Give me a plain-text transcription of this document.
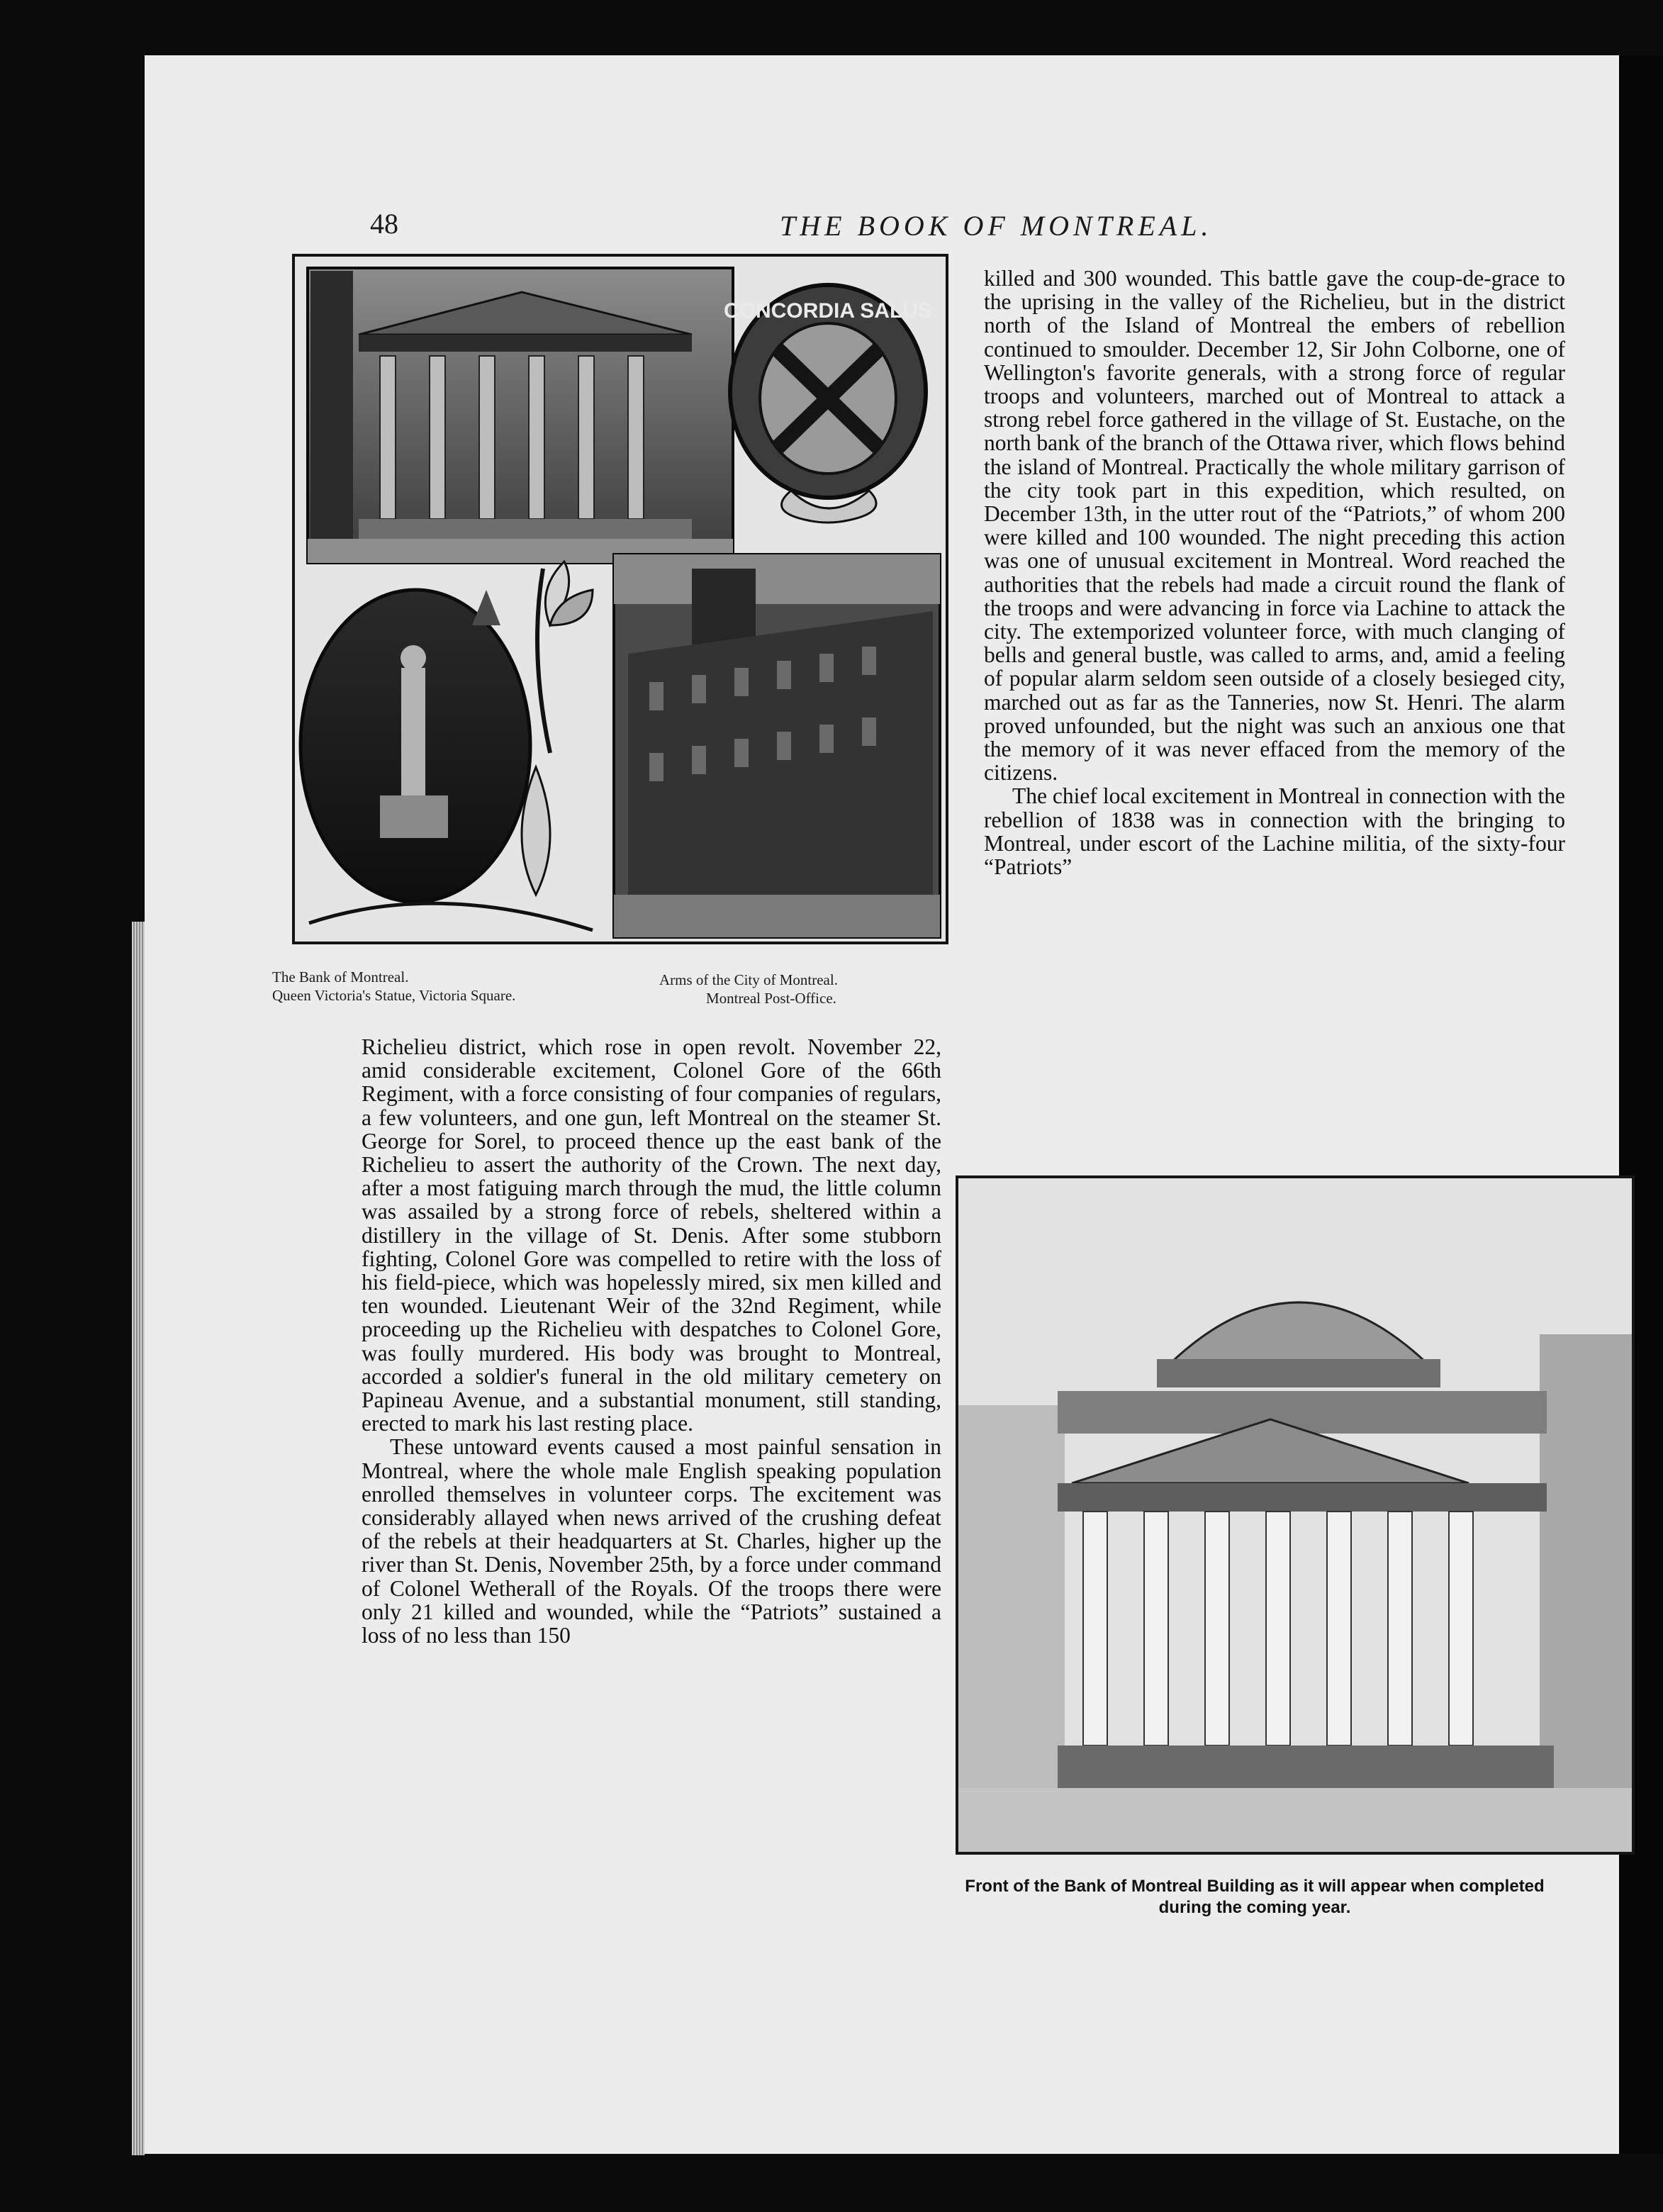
48	THE BOOK OF MONTREAL.
CONCORDIA SALUS
The Bank of Montreal.
Queen Victoria's Statue, Victoria Square.
Arms of the City of Montreal.
Montreal Post-Office.

Richelieu district, which rose in open revolt. November 22, amid considerable excitement, Colonel Gore of the 66th Regiment, with a force consisting of four companies of regulars, a few volunteers, and one gun, left Montreal on the steamer St. George for Sorel, to proceed thence up the east bank of the Richelieu to assert the authority of the Crown. The next day, after a most fatiguing march through the mud, the little column was assailed by a strong force of rebels, sheltered within a distillery in the village of St. Denis. After some stubborn fighting, Colonel Gore was compelled to retire with the loss of his field-piece, which was hopelessly mired, six men killed and ten wounded. Lieutenant Weir of the 32nd Regiment, while proceeding up the Richelieu with despatches to Colonel Gore, was foully murdered. His body was brought to Montreal, accorded a soldier's funeral in the old military cemetery on Papineau Avenue, and a substantial monument, still standing, erected to mark his last resting place.

These untoward events caused a most painful sensation in Montreal, where the whole male English speaking population enrolled themselves in volunteer corps. The excitement was considerably allayed when news arrived of the crushing defeat of the rebels at their headquarters at St. Charles, higher up the river than St. Denis, November 25th, by a force under command of Colonel Wetherall of the Royals. Of the troops there were only 21 killed and wounded, while the “Patriots” sustained a loss of no less than 150

killed and 300 wounded. This battle gave the coup-de-grace to the uprising in the valley of the Richelieu, but in the district north of the Island of Montreal the embers of rebellion continued to smoulder. December 12, Sir John Colborne, one of Wellington's favorite generals, with a strong force of regular troops and volunteers, marched out of Montreal to attack a strong rebel force gathered in the village of St. Eustache, on the north bank of the branch of the Ottawa river, which flows behind the island of Montreal. Practically the whole military garrison of the city took part in this expedition, which resulted, on December 13th, in the utter rout of the “Patriots,” of whom 200 were killed and 100 wounded. The night preceding this action was one of unusual excitement in Montreal. Word reached the authorities that the rebels had made a circuit round the flank of the troops and were advancing in force via Lachine to attack the city. The extemporized volunteer force, with much clanging of bells and general bustle, was called to arms, and, amid a feeling of popular alarm seldom seen outside of a closely besieged city, marched out as far as the Tanneries, now St. Henri. The alarm proved unfounded, but the night was such an anxious one that the memory of it was never effaced from the memory of the citizens.

The chief local excitement in Montreal in connection with the rebellion of 1838 was in connection with the bringing to Montreal, under escort of the Lachine militia, of the sixty-four “Patriots”

Front of the Bank of Montreal Building as it will appear when completed during the coming year.
